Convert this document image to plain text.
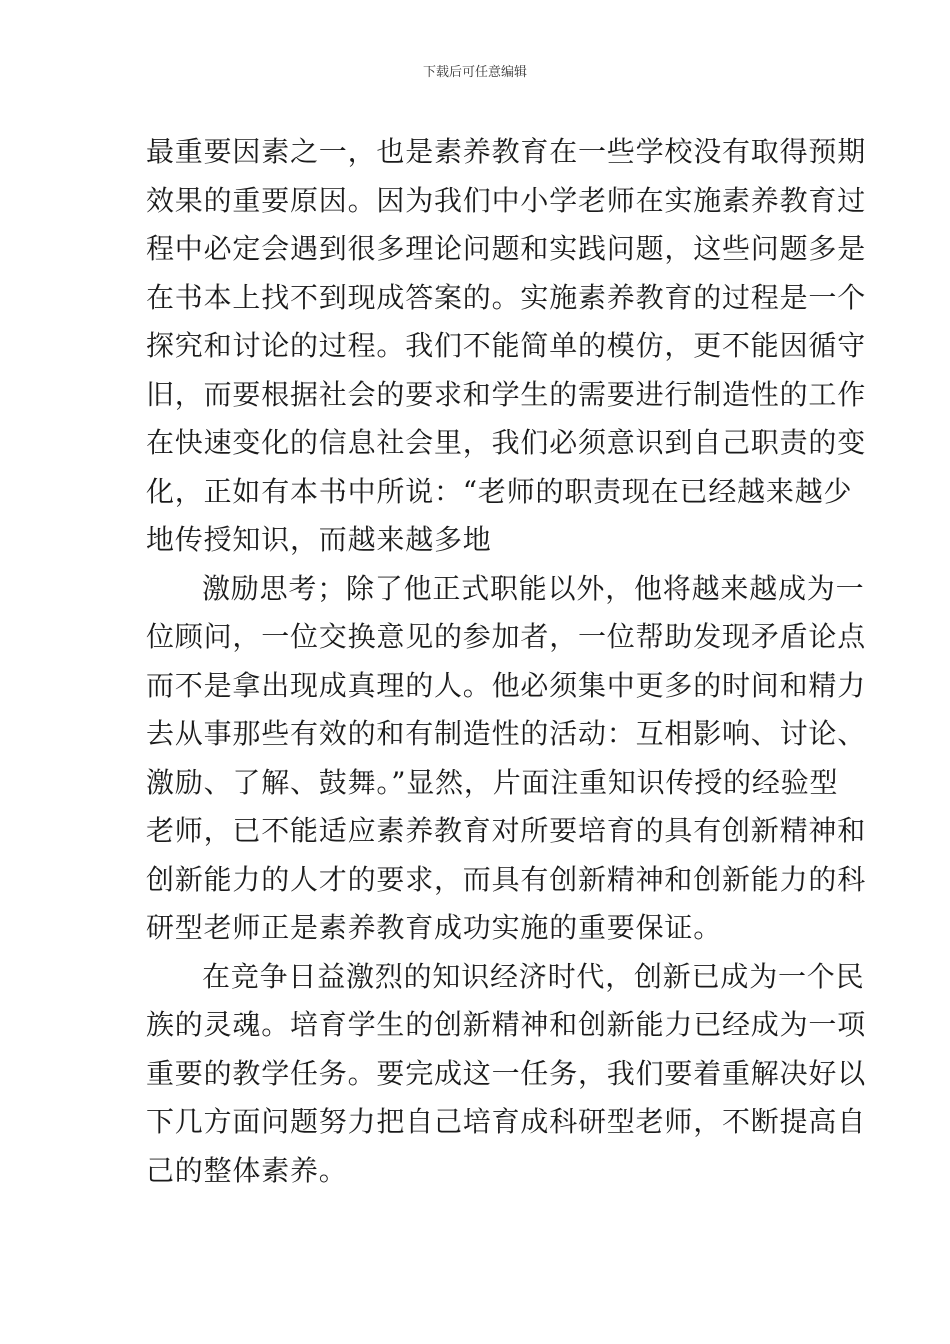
下载后可任意编辑
最重要因素之一，也是素养教育在一些学校没有取得预期
效果的重要原因。因为我们中小学老师在实施素养教育过
程中必定会遇到很多理论问题和实践问题，这些问题多是
在书本上找不到现成答案的。实施素养教育的过程是一个
探究和讨论的过程。我们不能简单的模仿，更不能因循守
旧，而要根据社会的要求和学生的需要进行制造性的工作
在快速变化的信息社会里，我们必须意识到自己职责的变
化，正如有本书中所说：“老师的职责现在已经越来越少
地传授知识，而越来越多地
激励思考；除了他正式职能以外，他将越来越成为一
位顾问，一位交换意见的参加者，一位帮助发现矛盾论点
而不是拿出现成真理的人。他必须集中更多的时间和精力
去从事那些有效的和有制造性的活动：互相影响、讨论、
激励、了解、鼓舞。”显然，片面注重知识传授的经验型
老师，已不能适应素养教育对所要培育的具有创新精神和
创新能力的人才的要求，而具有创新精神和创新能力的科
研型老师正是素养教育成功实施的重要保证。
在竞争日益激烈的知识经济时代，创新已成为一个民
族的灵魂。培育学生的创新精神和创新能力已经成为一项
重要的教学任务。要完成这一任务，我们要着重解决好以
下几方面问题努力把自己培育成科研型老师，不断提高自
己的整体素养。
